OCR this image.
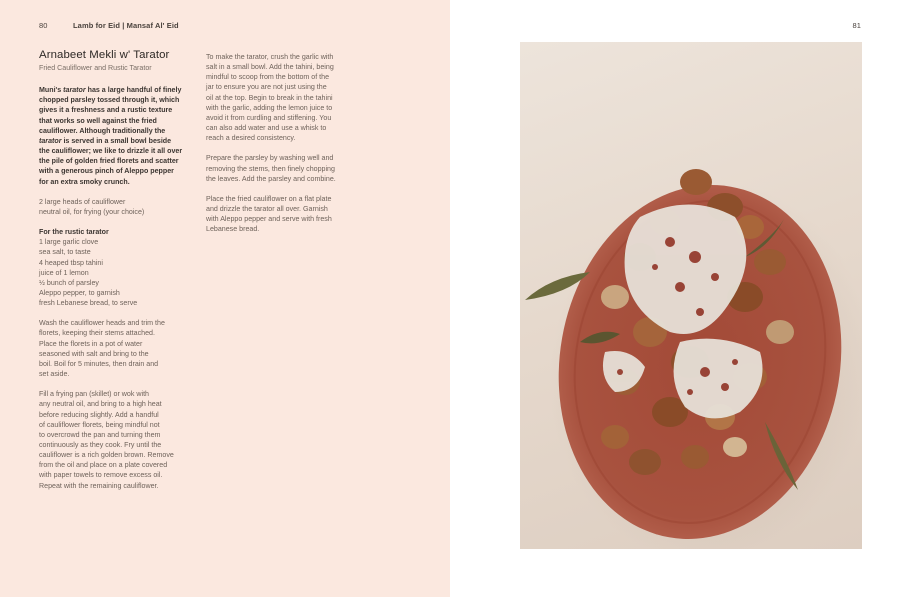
80	Lamb for Eid | Mansaf Al' Eid
Arnabeet Mekli w' Tarator

Fried Cauliflower and Rustic Tarator

Muni's tarator has a large handful of finely
chopped parsley tossed through it, which
gives it a freshness and a rustic texture
that works so well against the fried
cauliflower. Although traditionally the
tarator is served in a small bowl beside
the cauliflower; we like to drizzle it all over
the pile of golden fried florets and scatter
with a generous pinch of Aleppo pepper
for an extra smoky crunch.
2 large heads of cauliflower
neutral oil, for frying (your choice)
For the rustic tarator
1 large garlic clove
sea salt, to taste
4 heaped tbsp tahini
juice of 1 lemon
½ bunch of parsley
Aleppo pepper, to garnish
fresh Lebanese bread, to serve

Wash the cauliflower heads and trim the
florets, keeping their stems attached.
Place the florets in a pot of water
seasoned with salt and bring to the
boil. Boil for 5 minutes, then drain and
set aside.

Fill a frying pan (skillet) or wok with
any neutral oil, and bring to a high heat
before reducing slightly. Add a handful
of cauliflower florets, being mindful not
to overcrowd the pan and turning them
continuously as they cook. Fry until the
cauliflower is a rich golden brown. Remove
from the oil and place on a plate covered
with paper towels to remove excess oil.
Repeat with the remaining cauliflower.

To make the tarator, crush the garlic with
salt in a small bowl. Add the tahini, being
mindful to scoop from the bottom of the
jar to ensure you are not just using the
oil at the top. Begin to break in the tahini
with the garlic, adding the lemon juice to
avoid it from curdling and stiffening. You
can also add water and use a whisk to
reach a desired consistency.

Prepare the parsley by washing well and
removing the stems, then finely chopping
the leaves. Add the parsley and combine.

Place the fried cauliflower on a flat plate
and drizzle the tarator all over. Garnish
with Aleppo pepper and serve with fresh
Lebanese bread.

81
